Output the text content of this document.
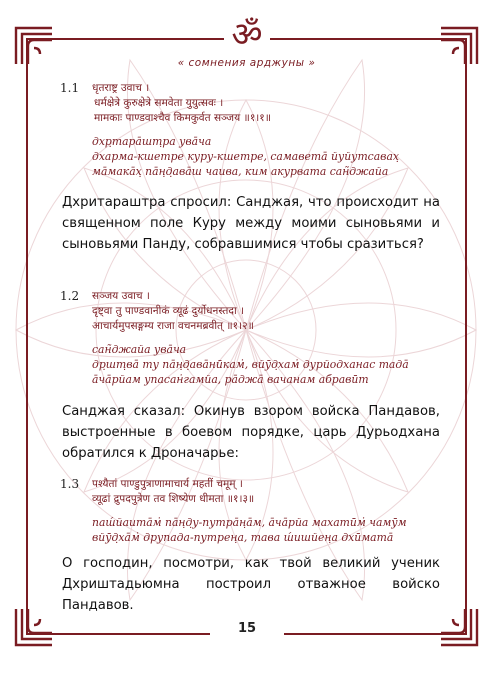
ॐ
« сомнения арджуны »
1.1 धृतराष्ट्र उवाच ।
धर्मक्षेत्रे कुरुक्षेत्रे समवेता युयुत्सवः ।
मामकाः पाण्डवाश्चैव किमकुर्वत सञ्जय ॥१।१॥
дхр̣тара̄шт̣ра ува̄ча
дхарма-кшетре куру-кшетре, самавета̄ йуйутсавах̣
ма̄мака̄х̣ па̄н̣д̣ава̄ш чаива, ким акурвата сан̃джайа
Дхритараштра спросил: Санджая, что происходит на священном поле Куру между моими сыновьями и сыновьями Панду, собравшимися чтобы сразиться?
1.2 सञ्जय उवाच ।
दृष्ट्वा तु पाण्डवानीकं व्यूढं दुर्योधनस्तदा ।
आचार्यमुपसङ्गम्य राजा वचनमब्रवीत् ॥१।२॥
сан̃джайа ува̄ча
др̣шт̣ва̄ ту па̄н̣д̣ава̄нӣкам̇, вйӯд̣хам̇ дурйодханас тада̄
а̄ча̄рйам упасан̇гамйа, ра̄джа̄ вачанам абравӣт
Санджая сказал: Окинув взором войска Пандавов, выстроенные в боевом порядке, царь Дурьодхана обратился к Дроначарье:
1.3 पश्यैतां पाण्डुपुत्राणामाचार्य महतीं चमूम् ।
व्यूढां द्रुपदपुत्रेण तव शिष्येण धीमता ॥१।३॥
паш́йаита̄м̇ па̄н̣д̣у-путра̄н̣а̄м, а̄ча̄рйа махатӣм̇ чамӯм
вйӯд̣ха̄м̇ друпада-путрен̣а, тава ш́ишйен̣а дхӣмата̄
О господин, посмотри, как твой великий ученик Дхриштадьюмна построил отважное войско Пандавов.
15
